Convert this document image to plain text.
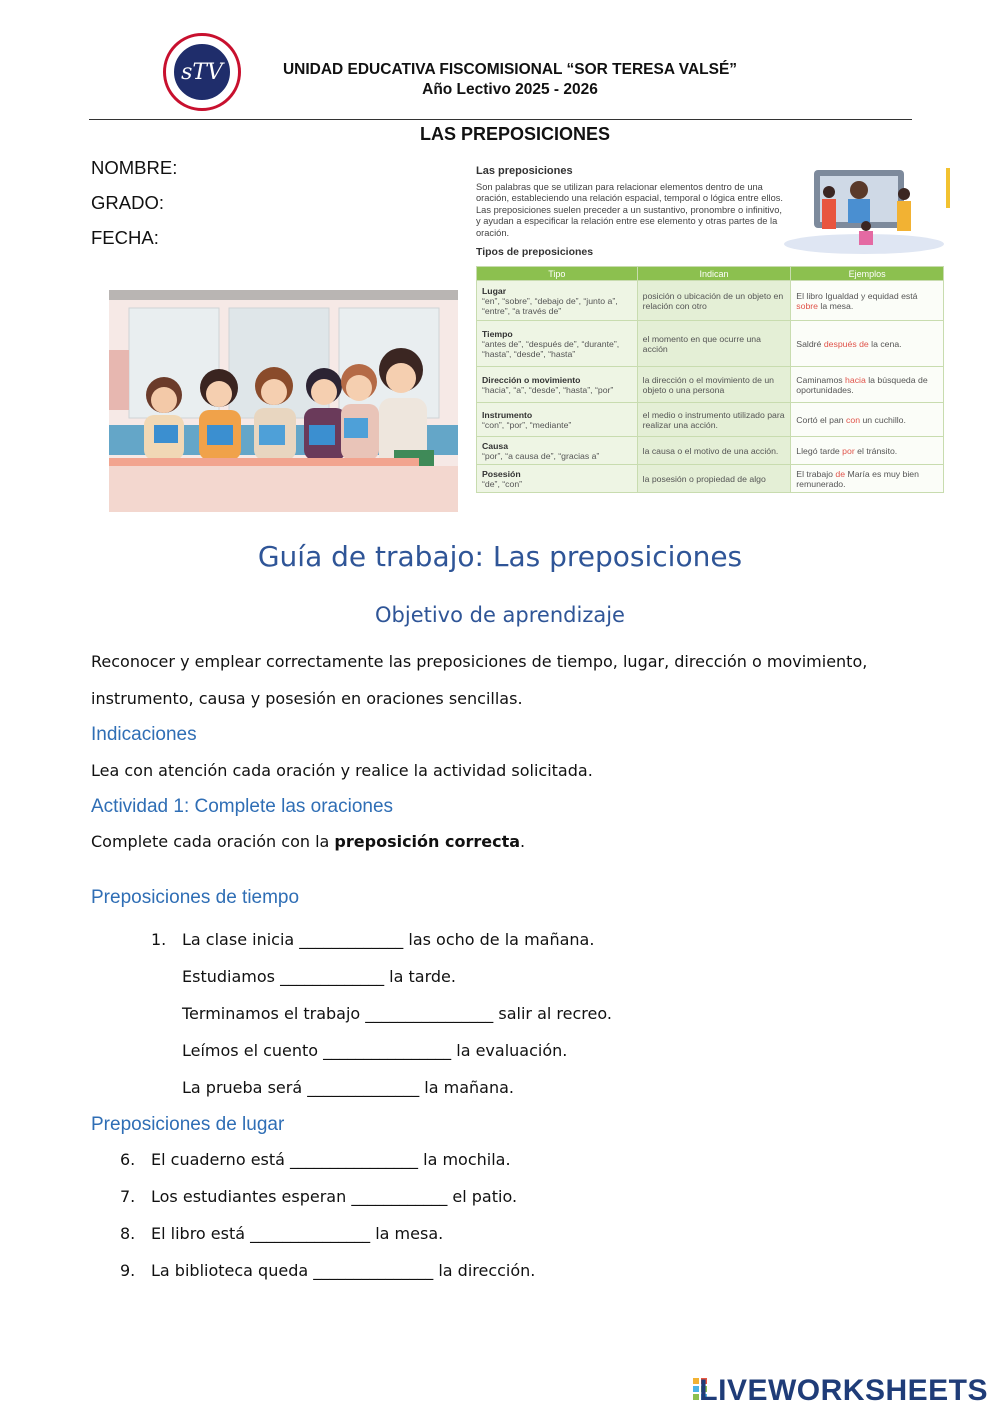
sTV	UNIDAD EDUCATIVA FISCOMISIONAL “SOR TERESA VALSÉ”
Año Lectivo 2025 - 2026
LAS PREPOSICIONES
NOMBRE:
GRADO:
FECHA:
Las preposiciones
Son palabras que se utilizan para relacionar elementos dentro de una oración, estableciendo una relación espacial, temporal o lógica entre ellos. Las preposiciones suelen preceder a un sustantivo, pronombre o infinitivo, y ayudan a especificar la relación entre ese elemento y otras partes de la oración.
Tipos de preposiciones
Tipo	Indican	Ejemplos

Lugar
“en”, “sobre”, “debajo de”, “junto a”, “entre”, “a través de”	posición o ubicación de un objeto en relación con otro	El libro Igualdad y equidad está sobre la mesa.

Tiempo
“antes de”, “después de”, “durante”, “hasta”, “desde”, “hasta”	el momento en que ocurre una acción	Saldré después de la cena.

Dirección o movimiento
“hacia”, “a”, “desde”, “hasta”, “por”	la dirección o el movimiento de un objeto o una persona	Caminamos hacia la búsqueda de oportunidades.

Instrumento
“con”, “por”, “mediante”	el medio o instrumento utilizado para realizar una acción.	Cortó el pan con un cuchillo.

Causa
“por”, “a causa de”, “gracias a”	la causa o el motivo de una acción.	Llegó tarde por el tránsito.

Posesión
“de”, “con”	la posesión o propiedad de algo	El trabajo de María es muy bien remunerado.
Guía de trabajo: Las preposiciones
Objetivo de aprendizaje
Reconocer y emplear correctamente las preposiciones de tiempo, lugar, dirección o movimiento, instrumento, causa y posesión en oraciones sencillas.
Indicaciones
Lea con atención cada oración y realice la actividad solicitada.
Actividad 1: Complete las oraciones
Complete cada oración con la preposición correcta.
Preposiciones de tiempo
1. La clase inicia _____________ las ocho de la mañana.
Estudiamos _____________ la tarde.
Terminamos el trabajo ________________ salir al recreo.
Leímos el cuento ________________ la evaluación.
La prueba será ______________ la mañana.
Preposiciones de lugar
6. El cuaderno está ________________ la mochila.
7. Los estudiantes esperan ____________ el patio.
8. El libro está _______________ la mesa.
9. La biblioteca queda _______________ la dirección.
LIVEWORKSHEETS
